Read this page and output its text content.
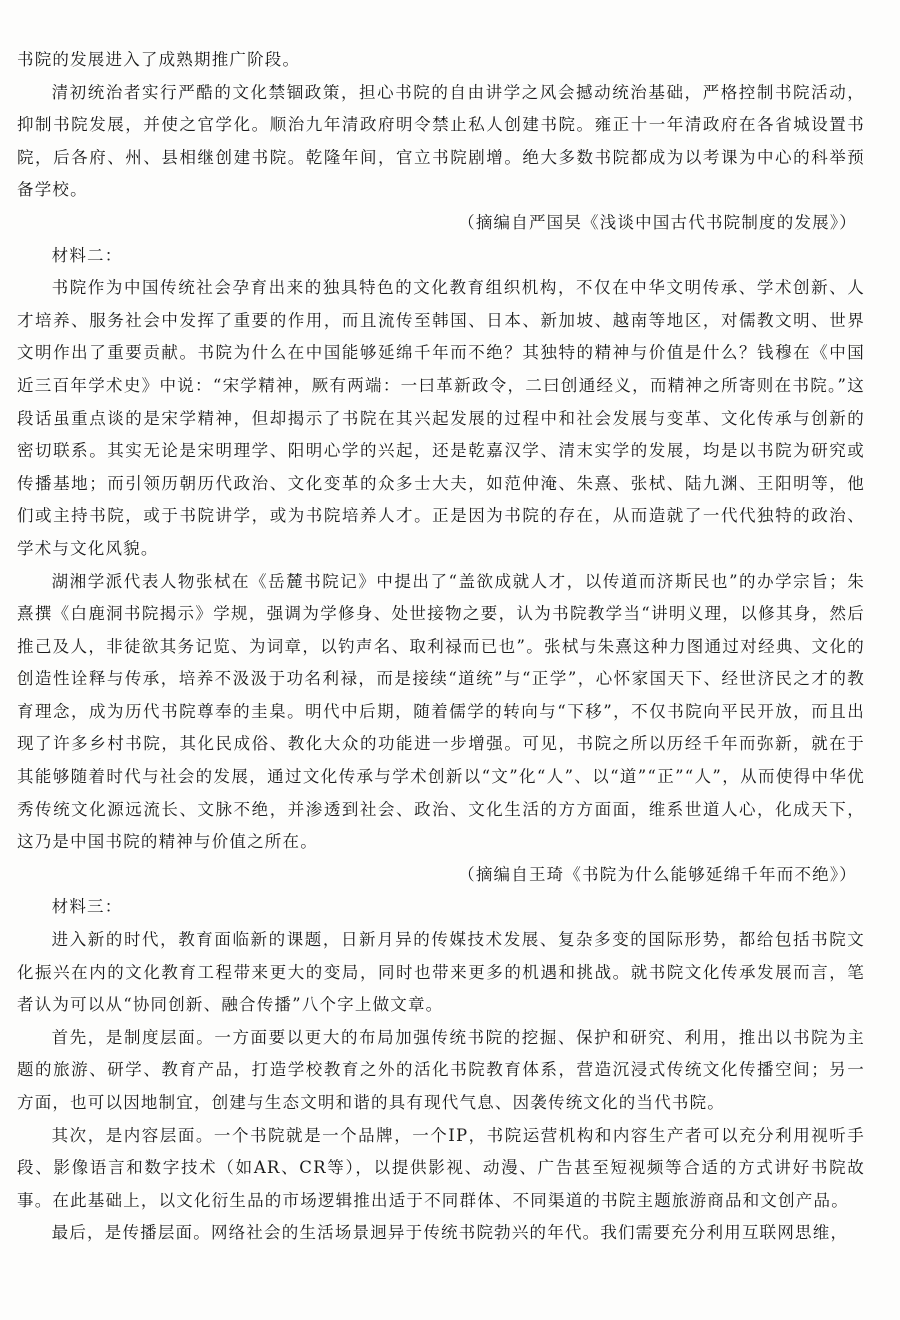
书院的发展进入了成熟期推广阶段。

清初统治者实行严酷的文化禁锢政策，担心书院的自由讲学之风会撼动统治基础，严格控制书院活动，抑制书院发展，并使之官学化。顺治九年清政府明令禁止私人创建书院。雍正十一年清政府在各省城设置书院，后各府、州、县相继创建书院。乾隆年间，官立书院剧增。绝大多数书院都成为以考课为中心的科举预备学校。

（摘编自严国旲《浅谈中国古代书院制度的发展》）

材料二：

书院作为中国传统社会孕育出来的独具特色的文化教育组织机构，不仅在中华文明传承、学术创新、人才培养、服务社会中发挥了重要的作用，而且流传至韩国、日本、新加坡、越南等地区，对儒教文明、世界文明作出了重要贡献。书院为什么在中国能够延绵千年而不绝？其独特的精神与价值是什么？钱穆在《中国近三百年学术史》中说：“宋学精神，厥有两端：一曰革新政令，二曰创通经义，而精神之所寄则在书院。”这段话虽重点谈的是宋学精神，但却揭示了书院在其兴起发展的过程中和社会发展与变革、文化传承与创新的密切联系。其实无论是宋明理学、阳明心学的兴起，还是乾嘉汉学、清末实学的发展，均是以书院为研究或传播基地；而引领历朝历代政治、文化变革的众多士大夫，如范仲淹、朱熹、张栻、陆九渊、王阳明等，他们或主持书院，或于书院讲学，或为书院培养人才。正是因为书院的存在，从而造就了一代代独特的政治、学术与文化风貌。

湖湘学派代表人物张栻在《岳麓书院记》中提出了“盖欲成就人才，以传道而济斯民也”的办学宗旨；朱熹撰《白鹿洞书院揭示》学规，强调为学修身、处世接物之要，认为书院教学当“讲明义理，以修其身，然后推己及人，非徒欲其务记览、为词章，以钓声名、取利禄而已也”。张栻与朱熹这种力图通过对经典、文化的创造性诠释与传承，培养不汲汲于功名利禄，而是接续“道统”与“正学”，心怀家国天下、经世济民之才的教育理念，成为历代书院尊奉的圭臬。明代中后期，随着儒学的转向与“下移”，不仅书院向平民开放，而且出现了许多乡村书院，其化民成俗、教化大众的功能进一步增强。可见，书院之所以历经千年而弥新，就在于其能够随着时代与社会的发展，通过文化传承与学术创新以“文”化“人”、以“道”“正”“人”，从而使得中华优秀传统文化源远流长、文脉不绝，并渗透到社会、政治、文化生活的方方面面，维系世道人心，化成天下，这乃是中国书院的精神与价值之所在。

（摘编自王琦《书院为什么能够延绵千年而不绝》）

材料三：

进入新的时代，教育面临新的课题，日新月异的传媒技术发展、复杂多变的国际形势，都给包括书院文化振兴在内的文化教育工程带来更大的变局，同时也带来更多的机遇和挑战。就书院文化传承发展而言，笔者认为可以从“协同创新、融合传播”八个字上做文章。

首先，是制度层面。一方面要以更大的布局加强传统书院的挖掘、保护和研究、利用，推出以书院为主题的旅游、研学、教育产品，打造学校教育之外的活化书院教育体系，营造沉浸式传统文化传播空间；另一方面，也可以因地制宜，创建与生态文明和谐的具有现代气息、因袭传统文化的当代书院。

其次，是内容层面。一个书院就是一个品牌，一个IP，书院运营机构和内容生产者可以充分利用视听手段、影像语言和数字技术（如AR、CR等），以提供影视、动漫、广告甚至短视频等合适的方式讲好书院故事。在此基础上，以文化衍生品的市场逻辑推出适于不同群体、不同渠道的书院主题旅游商品和文创产品。

最后，是传播层面。网络社会的生活场景迥异于传统书院勃兴的年代。我们需要充分利用互联网思维，
